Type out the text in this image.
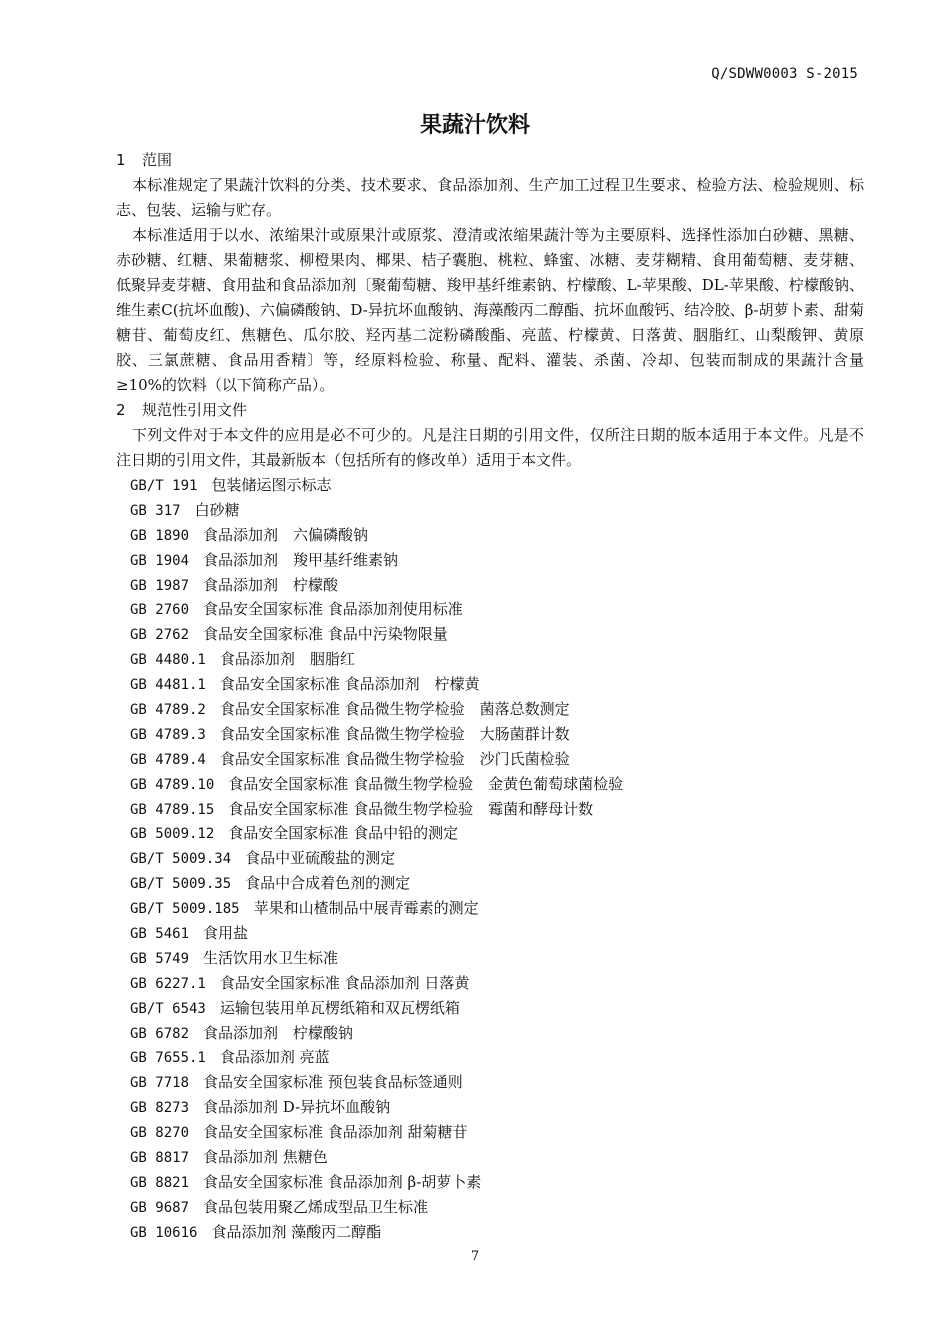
Q/SDWW0003 S-2015
果蔬汁饮料
1 范围

本标准规定了果蔬汁饮料的分类、技术要求、食品添加剂、生产加工过程卫生要求、检验方法、检验规则、标志、包装、运输与贮存。

本标准适用于以水、浓缩果汁或原果汁或原浆、澄清或浓缩果蔬汁等为主要原料、选择性添加白砂糖、黑糖、赤砂糖、红糖、果葡糖浆、柳橙果肉、椰果、桔子囊胞、桃粒、蜂蜜、冰糖、麦芽糊精、食用葡萄糖、麦芽糖、低聚异麦芽糖、食用盐和食品添加剂〔聚葡萄糖、羧甲基纤维素钠、柠檬酸、L-苹果酸、DL-苹果酸、柠檬酸钠、维生素C(抗坏血酸)、六偏磷酸钠、D-异抗坏血酸钠、海藻酸丙二醇酯、抗坏血酸钙、结冷胶、β-胡萝卜素、甜菊糖苷、葡萄皮红、焦糖色、瓜尔胶、羟丙基二淀粉磷酸酯、亮蓝、柠檬黄、日落黄、胭脂红、山梨酸钾、黄原胶、三氯蔗糖、食品用香精〕等，经原料检验、称量、配料、灌装、杀菌、冷却、包装而制成的果蔬汁含量≥10%的饮料（以下简称产品）。

2 规范性引用文件

下列文件对于本文件的应用是必不可少的。凡是注日期的引用文件，仅所注日期的版本适用于本文件。凡是不注日期的引用文件，其最新版本（包括所有的修改单）适用于本文件。

GB/T 191 包装储运图示标志
GB 317 白砂糖
GB 1890 食品添加剂　六偏磷酸钠
GB 1904 食品添加剂　羧甲基纤维素钠
GB 1987 食品添加剂　柠檬酸
GB 2760 食品安全国家标准 食品添加剂使用标准
GB 2762 食品安全国家标准 食品中污染物限量
GB 4480.1 食品添加剂　胭脂红
GB 4481.1 食品安全国家标准 食品添加剂　柠檬黄
GB 4789.2 食品安全国家标准 食品微生物学检验　菌落总数测定
GB 4789.3 食品安全国家标准 食品微生物学检验　大肠菌群计数
GB 4789.4 食品安全国家标准 食品微生物学检验　沙门氏菌检验
GB 4789.10 食品安全国家标准 食品微生物学检验　金黄色葡萄球菌检验
GB 4789.15 食品安全国家标准 食品微生物学检验　霉菌和酵母计数
GB 5009.12 食品安全国家标准 食品中铅的测定
GB/T 5009.34 食品中亚硫酸盐的测定
GB/T 5009.35 食品中合成着色剂的测定
GB/T 5009.185 苹果和山楂制品中展青霉素的测定
GB 5461 食用盐
GB 5749 生活饮用水卫生标准
GB 6227.1 食品安全国家标准 食品添加剂 日落黄
GB/T 6543 运输包装用单瓦楞纸箱和双瓦楞纸箱
GB 6782 食品添加剂　柠檬酸钠
GB 7655.1 食品添加剂 亮蓝
GB 7718 食品安全国家标准 预包装食品标签通则
GB 8273 食品添加剂 D-异抗坏血酸钠
GB 8270 食品安全国家标准 食品添加剂 甜菊糖苷
GB 8817 食品添加剂 焦糖色
GB 8821 食品安全国家标准 食品添加剂 β-胡萝卜素
GB 9687 食品包装用聚乙烯成型品卫生标准
GB 10616 食品添加剂 藻酸丙二醇酯
7
